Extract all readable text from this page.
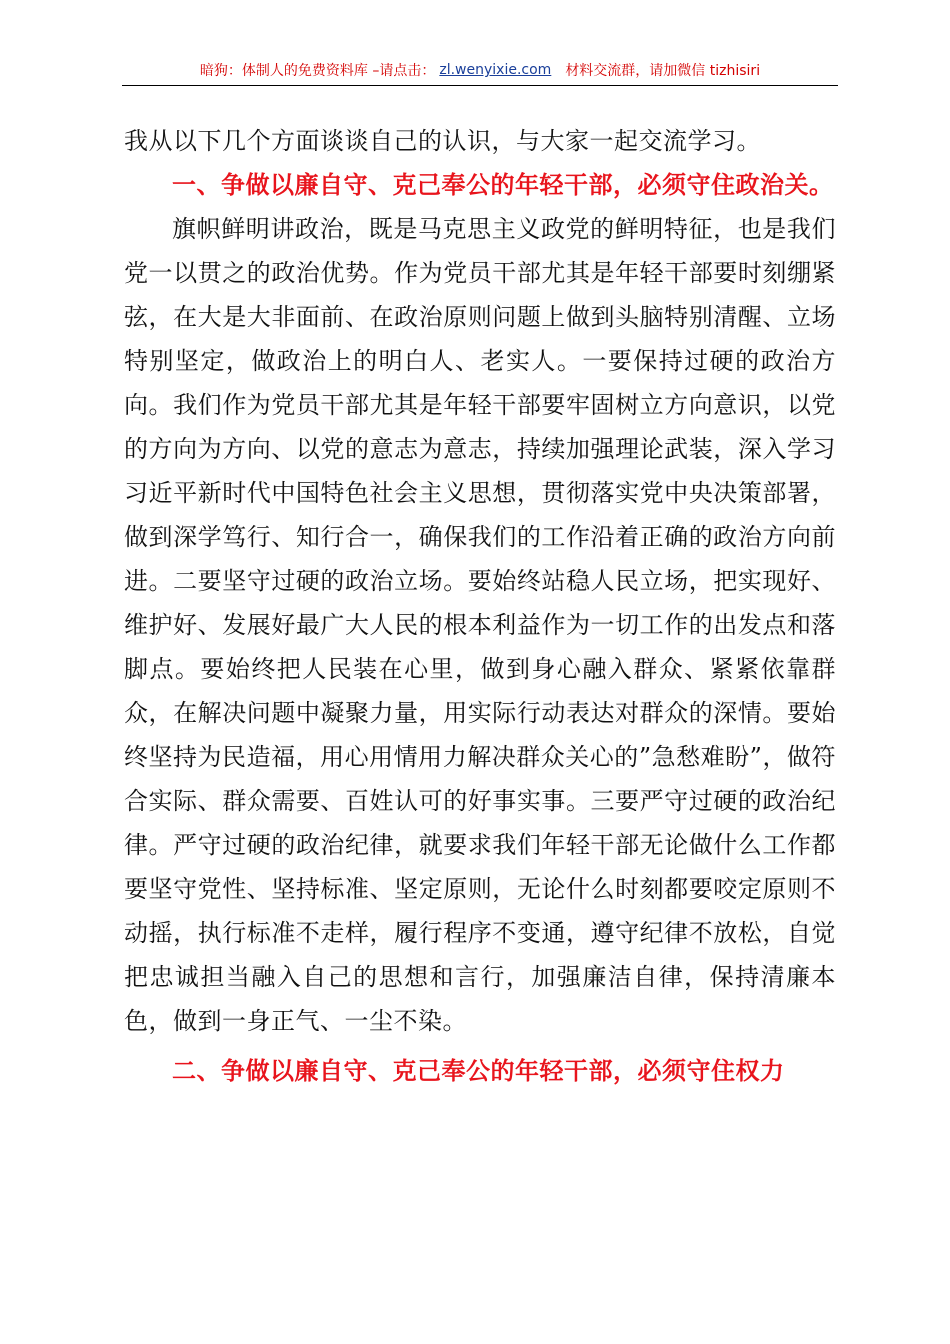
暗狗：体制人的免费资料库 –请点击： zl.wenyixie.com 材料交流群，请加微信 tizhisiri

我从以下几个方面谈谈自己的认识，与大家一起交流学习。

一、争做以廉自守、克己奉公的年轻干部，必须守住政治关。

旗帜鲜明讲政治，既是马克思主义政党的鲜明特征，也是我们党一以贯之的政治优势。作为党员干部尤其是年轻干部要时刻绷紧弦，在大是大非面前、在政治原则问题上做到头脑特别清醒、立场特别坚定，做政治上的明白人、老实人。一要保持过硬的政治方向。我们作为党员干部尤其是年轻干部要牢固树立方向意识，以党的方向为方向、以党的意志为意志，持续加强理论武装，深入学习习近平新时代中国特色社会主义思想，贯彻落实党中央决策部署，做到深学笃行、知行合一，确保我们的工作沿着正确的政治方向前进。二要坚守过硬的政治立场。要始终站稳人民立场，把实现好、维护好、发展好最广大人民的根本利益作为一切工作的出发点和落脚点。要始终把人民装在心里，做到身心融入群众、紧紧依靠群众，在解决问题中凝聚力量，用实际行动表达对群众的深情。要始终坚持为民造福，用心用情用力解决群众关心的”急愁难盼”，做符合实际、群众需要、百姓认可的好事实事。三要严守过硬的政治纪律。严守过硬的政治纪律，就要求我们年轻干部无论做什么工作都要坚守党性、坚持标准、坚定原则，无论什么时刻都要咬定原则不动摇，执行标准不走样，履行程序不变通，遵守纪律不放松，自觉把忠诚担当融入自己的思想和言行，加强廉洁自律，保持清廉本色，做到一身正气、一尘不染。

二、争做以廉自守、克己奉公的年轻干部，必须守住权力
